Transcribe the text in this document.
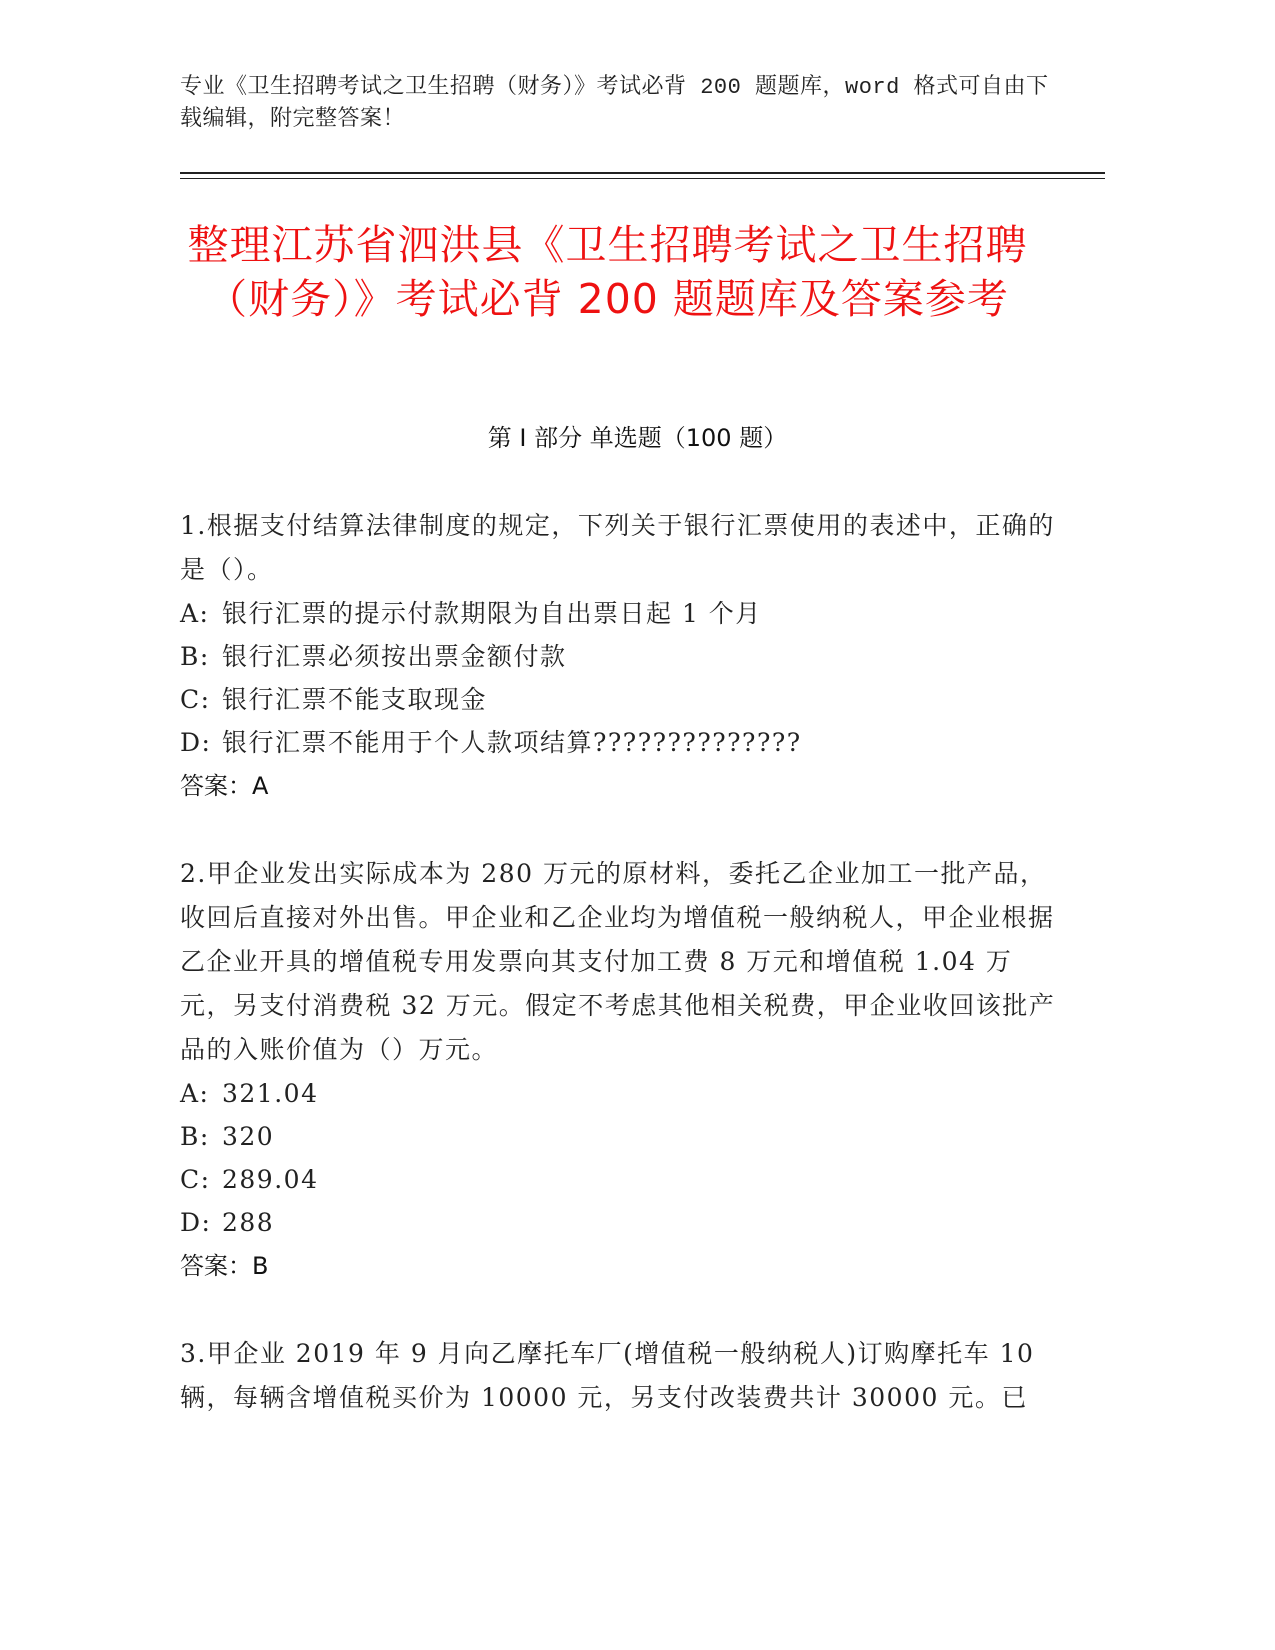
专业《卫生招聘考试之卫生招聘（财务）》考试必背 200 题题库，word 格式可自由下载编辑，附完整答案！
整理江苏省泗洪县《卫生招聘考试之卫生招聘（财务）》考试必背 200 题题库及答案参考
第 I 部分 单选题（100 题）

1.根据支付结算法律制度的规定，下列关于银行汇票使用的表述中，正确的是（）。

A: 银行汇票的提示付款期限为自出票日起 1 个月
B: 银行汇票必须按出票金额付款
C: 银行汇票不能支取现金
D: 银行汇票不能用于个人款项结算??????????????

答案：A

2.甲企业发出实际成本为 280 万元的原材料，委托乙企业加工一批产品，收回后直接对外出售。甲企业和乙企业均为增值税一般纳税人，甲企业根据乙企业开具的增值税专用发票向其支付加工费 8 万元和增值税 1.04 万元，另支付消费税 32 万元。假定不考虑其他相关税费，甲企业收回该批产品的入账价值为（）万元。

A: 321.04
B: 320
C: 289.04
D: 288

答案：B

3.甲企业 2019 年 9 月向乙摩托车厂(增值税一般纳税人)订购摩托车 10 辆，每辆含增值税买价为 10000 元，另支付改装费共计 30000 元。已
